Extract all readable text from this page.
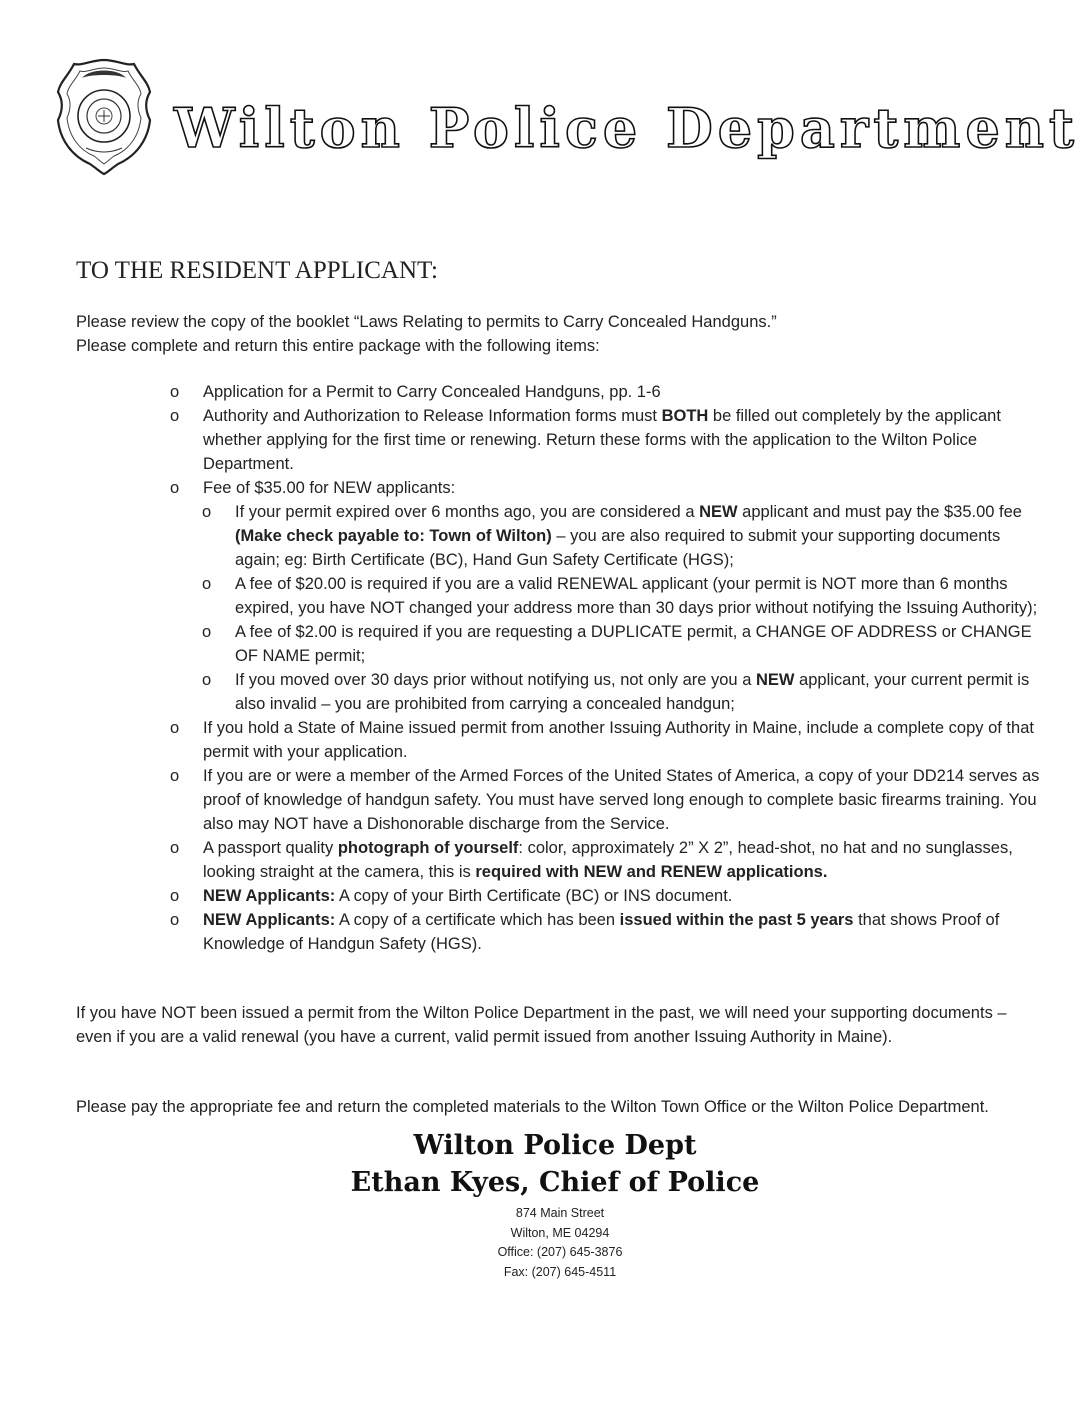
Wilton Police Department
TO THE RESIDENT APPLICANT:
Please review the copy of the booklet “Laws Relating to permits to Carry Concealed Handguns.”
Please complete and return this entire package with the following items:
o Application for a Permit to Carry Concealed Handguns, pp. 1-6
o Authority and Authorization to Release Information forms must BOTH be filled out completely by the applicant whether applying for the first time or renewing. Return these forms with the application to the Wilton Police Department.
o Fee of $35.00 for NEW applicants:
o If your permit expired over 6 months ago, you are considered a NEW applicant and must pay the $35.00 fee (Make check payable to: Town of Wilton) – you are also required to submit your supporting documents again; eg: Birth Certificate (BC), Hand Gun Safety Certificate (HGS);
o A fee of $20.00 is required if you are a valid RENEWAL applicant (your permit is NOT more than 6 months expired, you have NOT changed your address more than 30 days prior without notifying the Issuing Authority);
o A fee of $2.00 is required if you are requesting a DUPLICATE permit, a CHANGE OF ADDRESS or CHANGE OF NAME permit;
o If you moved over 30 days prior without notifying us, not only are you a NEW applicant, your current permit is also invalid – you are prohibited from carrying a concealed handgun;
o If you hold a State of Maine issued permit from another Issuing Authority in Maine, include a complete copy of that permit with your application.
o If you are or were a member of the Armed Forces of the United States of America, a copy of your DD214 serves as proof of knowledge of handgun safety. You must have served long enough to complete basic firearms training. You also may NOT have a Dishonorable discharge from the Service.
o A passport quality photograph of yourself: color, approximately 2” X 2”, head-shot, no hat and no sunglasses, looking straight at the camera, this is required with NEW and RENEW applications.
o NEW Applicants: A copy of your Birth Certificate (BC) or INS document.
o NEW Applicants: A copy of a certificate which has been issued within the past 5 years that shows Proof of Knowledge of Handgun Safety (HGS).
If you have NOT been issued a permit from the Wilton Police Department in the past, we will need your supporting documents – even if you are a valid renewal (you have a current, valid permit issued from another Issuing Authority in Maine).
Please pay the appropriate fee and return the completed materials to the Wilton Town Office or the Wilton Police Department.
Wilton Police Dept
Ethan Kyes, Chief of Police
874 Main Street
Wilton, ME 04294
Office: (207) 645-3876
Fax: (207) 645-4511
